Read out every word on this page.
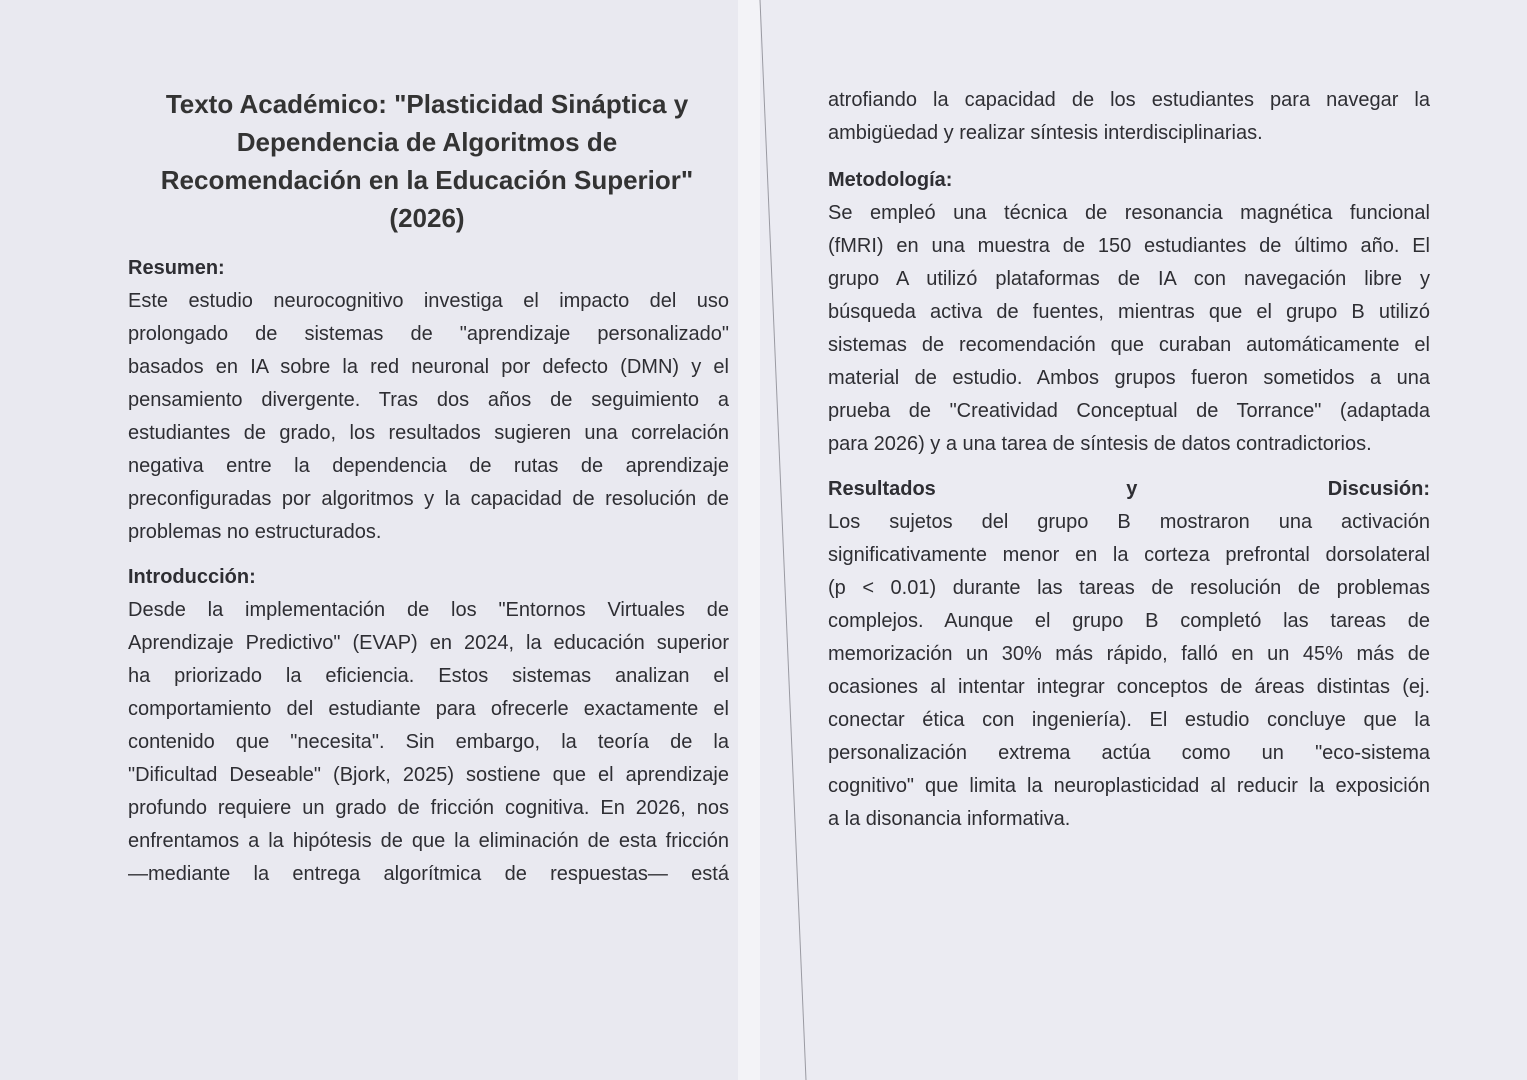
Texto Académico: "Plasticidad Sináptica y
Dependencia de Algoritmos de
Recomendación en la Educación Superior"
(2026)
Resumen:
Este estudio neurocognitivo investiga el impacto del uso
prolongado de sistemas de "aprendizaje personalizado"
basados en IA sobre la red neuronal por defecto (DMN) y el
pensamiento divergente. Tras dos años de seguimiento a
estudiantes de grado, los resultados sugieren una correlación
negativa entre la dependencia de rutas de aprendizaje
preconfiguradas por algoritmos y la capacidad de resolución de
problemas no estructurados.
Introducción:
Desde la implementación de los "Entornos Virtuales de
Aprendizaje Predictivo" (EVAP) en 2024, la educación superior
ha priorizado la eficiencia. Estos sistemas analizan el
comportamiento del estudiante para ofrecerle exactamente el
contenido que "necesita". Sin embargo, la teoría de la
"Dificultad Deseable" (Bjork, 2025) sostiene que el aprendizaje
profundo requiere un grado de fricción cognitiva. En 2026, nos
enfrentamos a la hipótesis de que la eliminación de esta fricción
—mediante la entrega algorítmica de respuestas— está
atrofiando la capacidad de los estudiantes para navegar la
ambigüedad y realizar síntesis interdisciplinarias.
Metodología:
Se empleó una técnica de resonancia magnética funcional
(fMRI) en una muestra de 150 estudiantes de último año. El
grupo A utilizó plataformas de IA con navegación libre y
búsqueda activa de fuentes, mientras que el grupo B utilizó
sistemas de recomendación que curaban automáticamente el
material de estudio. Ambos grupos fueron sometidos a una
prueba de "Creatividad Conceptual de Torrance" (adaptada
para 2026) y a una tarea de síntesis de datos contradictorios.
Resultados	y	Discusión:
Los sujetos del grupo B mostraron una activación
significativamente menor en la corteza prefrontal dorsolateral
(p < 0.01) durante las tareas de resolución de problemas
complejos. Aunque el grupo B completó las tareas de
memorización un 30% más rápido, falló en un 45% más de
ocasiones al intentar integrar conceptos de áreas distintas (ej.
conectar ética con ingeniería). El estudio concluye que la
personalización extrema actúa como un "eco-sistema
cognitivo" que limita la neuroplasticidad al reducir la exposición
a la disonancia informativa.
